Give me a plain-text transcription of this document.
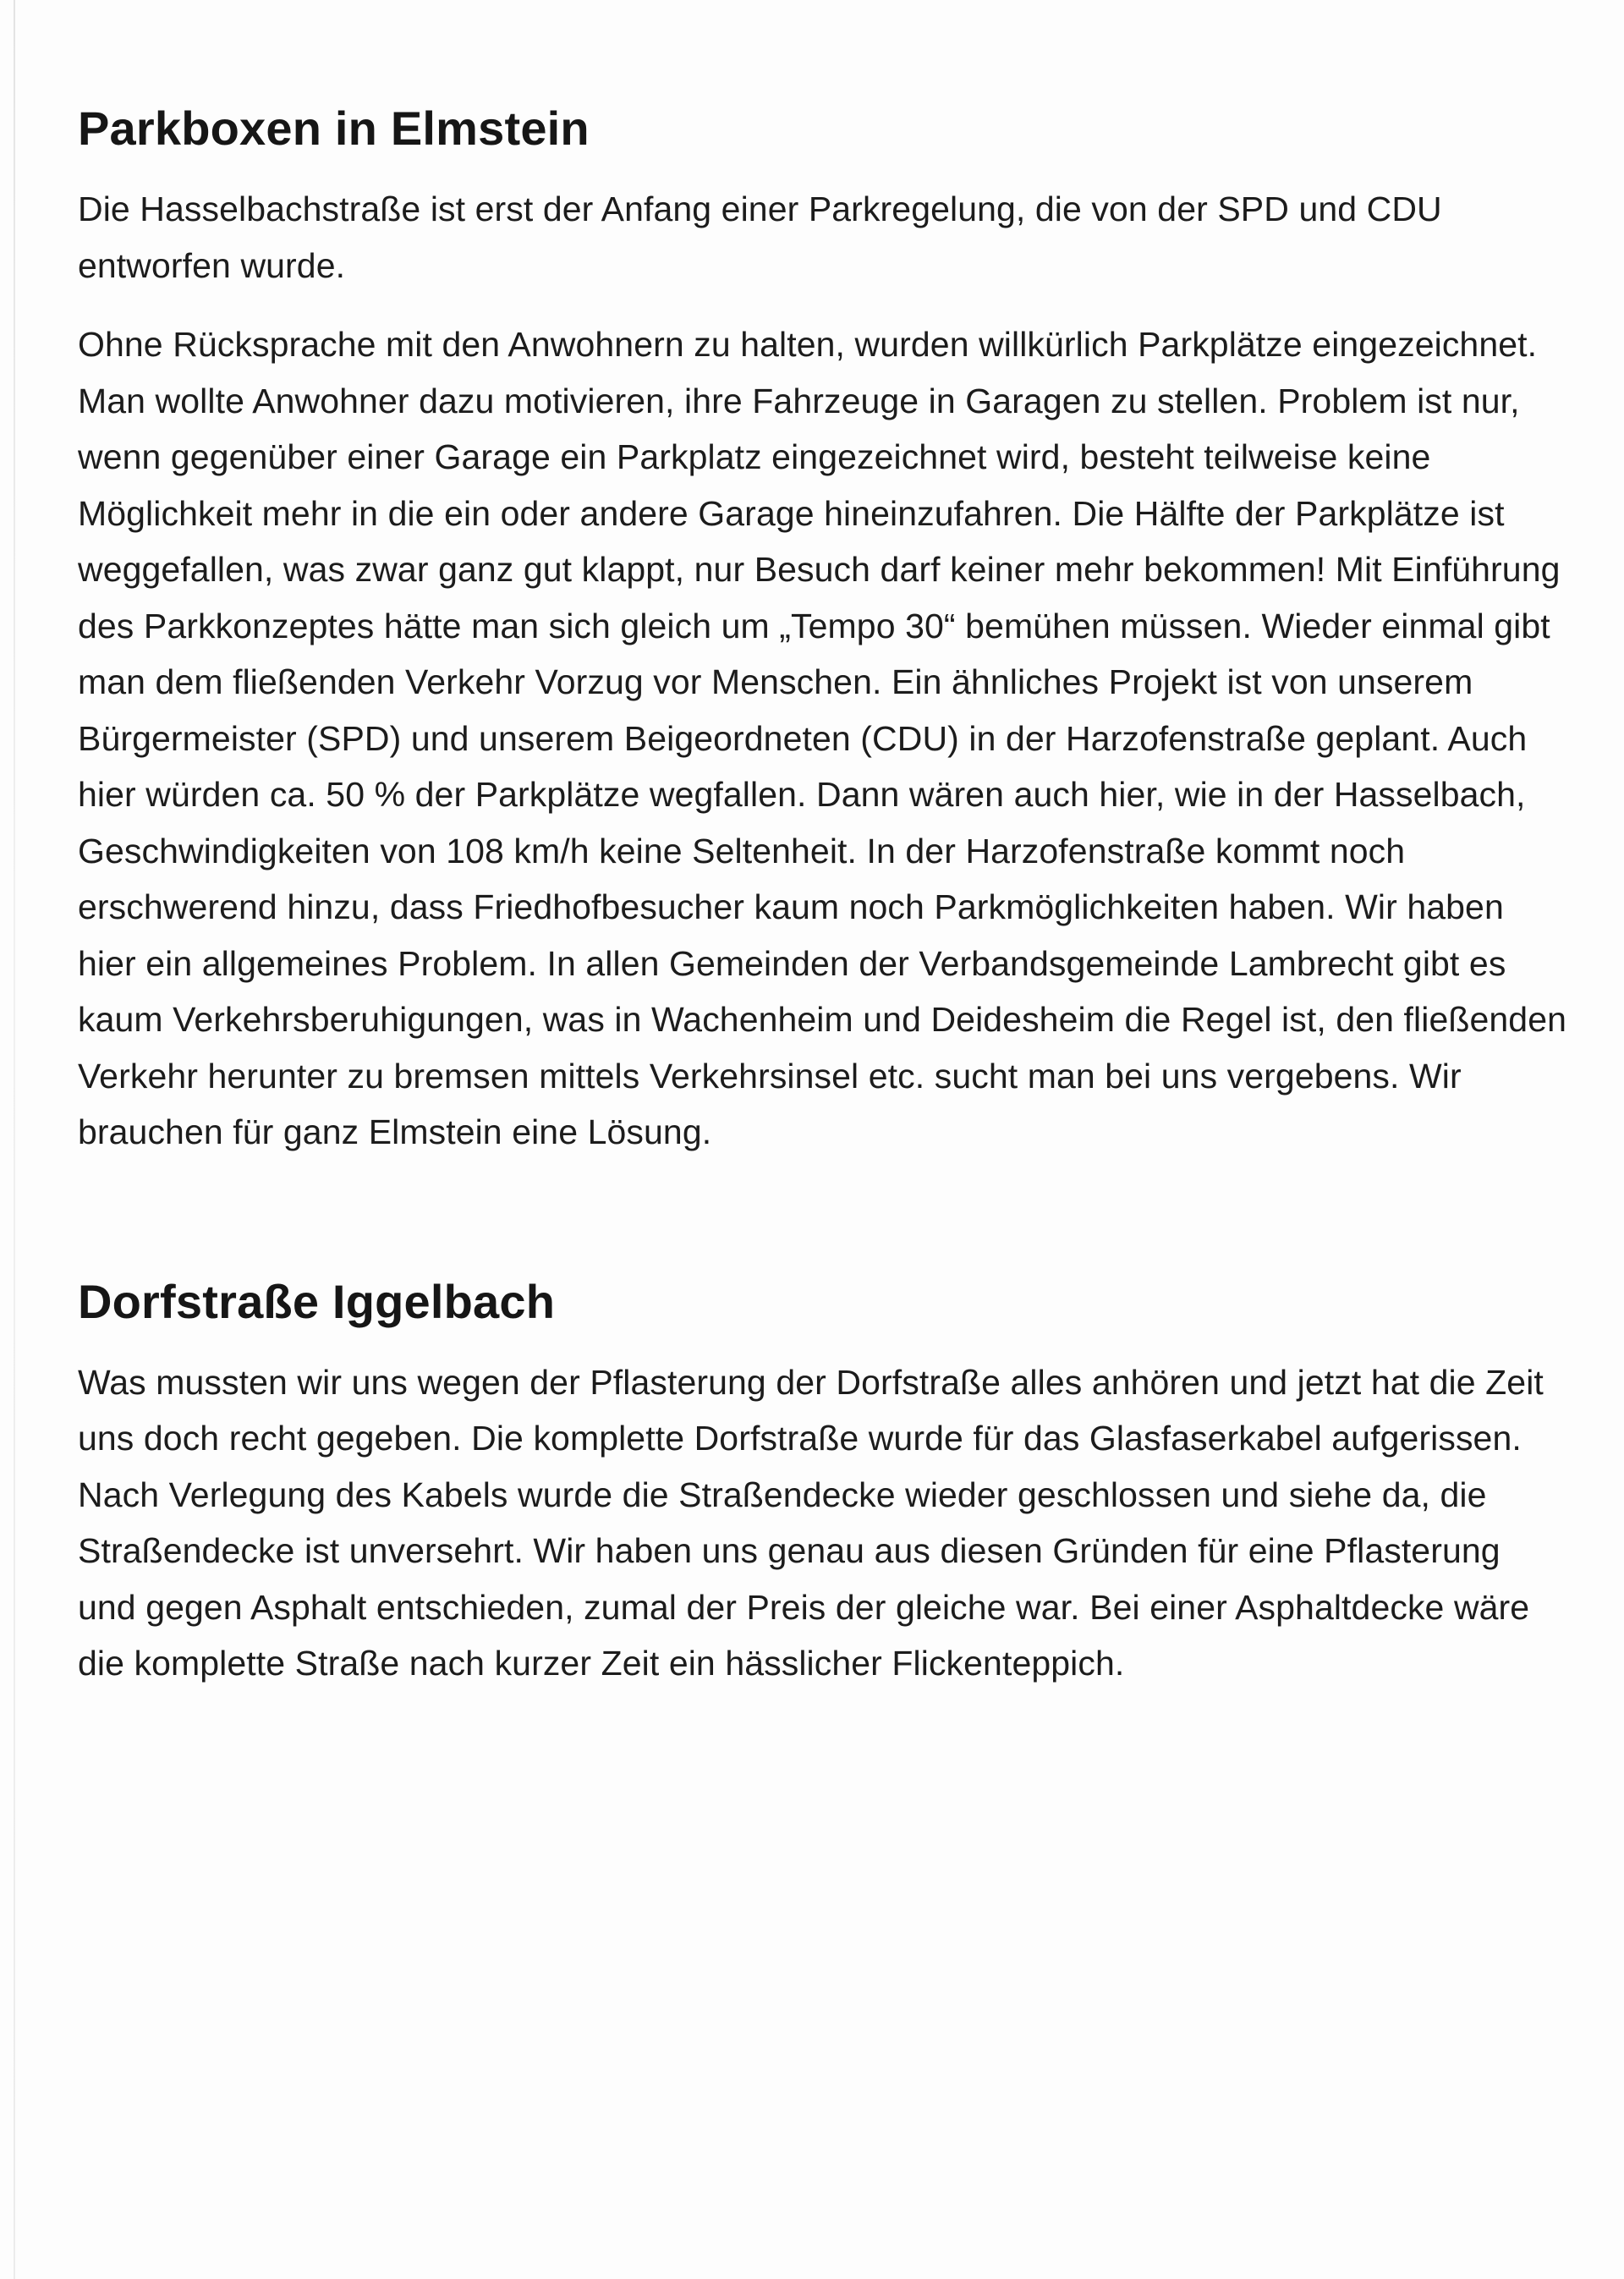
Parkboxen in Elmstein

Die Hasselbachstraße ist erst der Anfang einer Parkregelung, die von der SPD und CDU entworfen wurde.

Ohne Rücksprache mit den Anwohnern zu halten, wurden willkürlich Parkplätze eingezeichnet. Man wollte Anwohner dazu motivieren, ihre Fahrzeuge in Garagen zu stellen. Problem ist nur, wenn gegenüber einer Garage ein Parkplatz eingezeichnet wird, besteht teilweise keine Möglichkeit mehr in die ein oder andere Garage hineinzufahren. Die Hälfte der Parkplätze ist weggefallen, was zwar ganz gut klappt, nur Besuch darf keiner mehr bekommen! Mit Einführung des Parkkonzeptes hätte man sich gleich um „Tempo 30“ bemühen müssen. Wieder einmal gibt man dem fließenden Verkehr Vorzug vor Menschen. Ein ähnliches Projekt ist von unserem Bürgermeister (SPD) und unserem Beigeordneten (CDU) in der Harzofenstraße geplant. Auch hier würden ca. 50 % der Parkplätze wegfallen. Dann wären auch hier, wie in der Hasselbach, Geschwindigkeiten von 108 km/h keine Seltenheit. In der Harzofenstraße kommt noch erschwerend hinzu, dass Friedhofbesucher kaum noch Parkmöglichkeiten haben. Wir haben hier ein allgemeines Problem. In allen Gemeinden der Verbandsgemeinde Lambrecht gibt es kaum Verkehrsberuhigungen, was in Wachenheim und Deidesheim die Regel ist, den fließenden Verkehr herunter zu bremsen mittels Verkehrsinsel etc. sucht man bei uns vergebens. Wir brauchen für ganz Elmstein eine Lösung.

Dorfstraße Iggelbach

Was mussten wir uns wegen der Pflasterung der Dorfstraße alles anhören und jetzt hat die Zeit uns doch recht gegeben. Die komplette Dorfstraße wurde für das Glasfaserkabel aufgerissen. Nach Verlegung des Kabels wurde die Straßendecke wieder geschlossen und siehe da, die Straßendecke ist unversehrt. Wir haben uns genau aus diesen Gründen für eine Pflasterung und gegen Asphalt entschieden, zumal der Preis der gleiche war. Bei einer Asphaltdecke wäre die komplette Straße nach kurzer Zeit ein hässlicher Flickenteppich.
